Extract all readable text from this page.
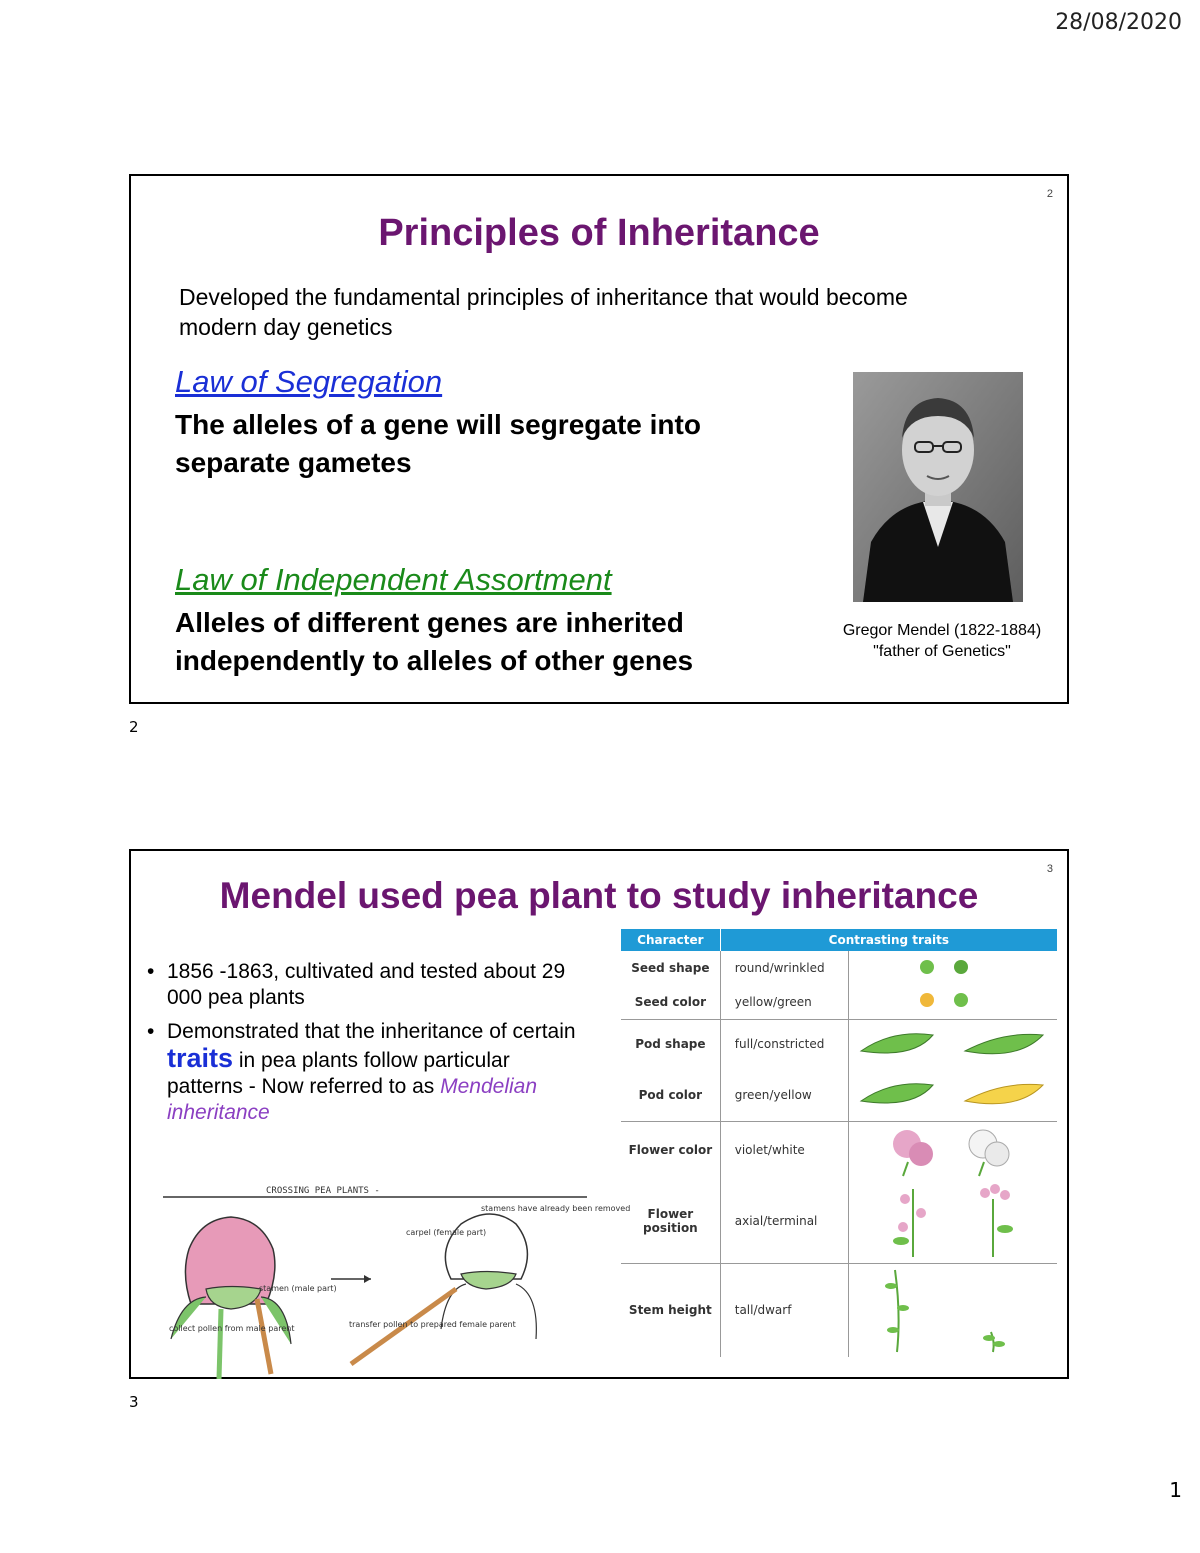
28/08/2020
2
Principles of Inheritance
Developed the fundamental principles of inheritance that would become modern day genetics
Law of Segregation
The alleles of a gene will segregate into separate gametes
Law of Independent Assortment
Alleles of different genes are inherited independently to alleles of other genes
Gregor Mendel (1822-1884)
"father of Genetics"
2
3
Mendel used pea plant to study inheritance
• 1856 -1863, cultivated and tested about 29 000 pea plants
• Demonstrated that the inheritance of certain traits in pea plants follow particular patterns - Now referred to as Mendelian inheritance
CROSSING PEA PLANTS -
carpel (female part)
stamens have already been removed
stamen (male part)
collect pollen from male parent	transfer pollen to prepared female parent
Character	Contrasting traits	
Seed shape	round/wrinkled	
Seed color	yellow/green	
Pod shape	full/constricted	
Pod color	green/yellow	
Flower color	violet/white	
Flower position	axial/terminal	
Stem height	tall/dwarf	
3
1
